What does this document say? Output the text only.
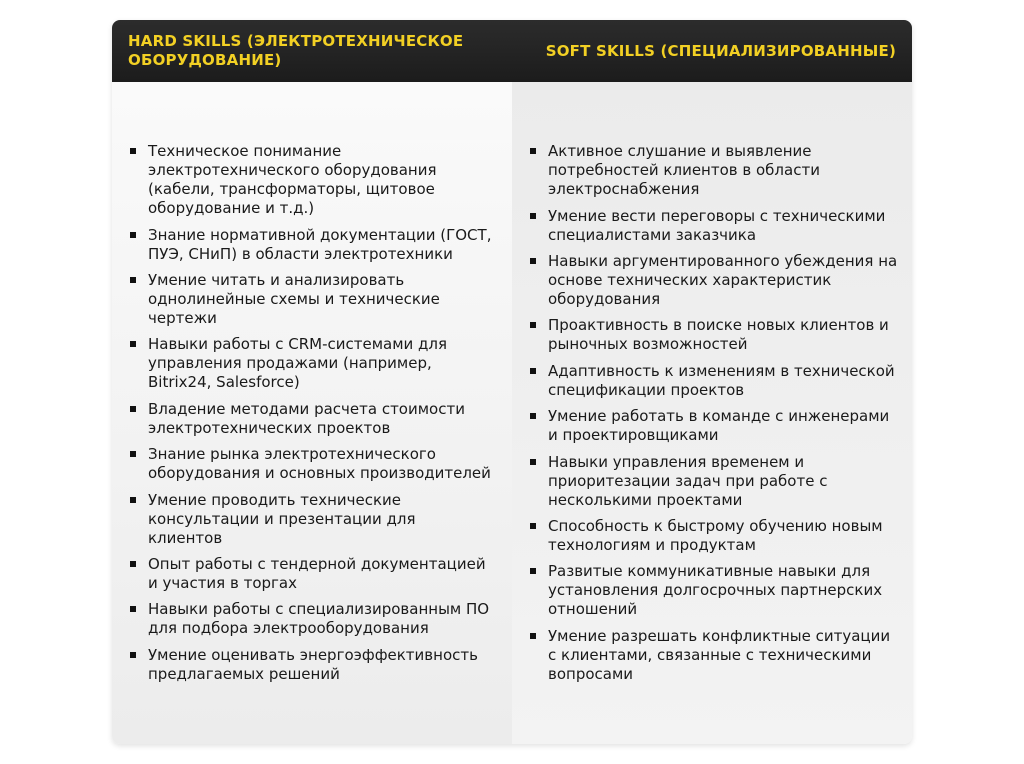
HARD SKILLS (ЭЛЕКТРОТЕХНИЧЕСКОЕ ОБОРУДОВАНИЕ)
SOFT SKILLS (СПЕЦИАЛИЗИРОВАННЫЕ)
Техническое понимание электротехнического оборудования (кабели, трансформаторы, щитовое оборудование и т.д.)
Знание нормативной документации (ГОСТ, ПУЭ, СНиП) в области электротехники
Умение читать и анализировать однолинейные схемы и технические чертежи
Навыки работы с CRM-системами для управления продажами (например, Bitrix24, Salesforce)
Владение методами расчета стоимости электротехнических проектов
Знание рынка электротехнического оборудования и основных производителей
Умение проводить технические консультации и презентации для клиентов
Опыт работы с тендерной документацией и участия в торгах
Навыки работы с специализированным ПО для подбора электрооборудования
Умение оценивать энергоэффективность предлагаемых решений
Активное слушание и выявление потребностей клиентов в области электроснабжения
Умение вести переговоры с техническими специалистами заказчика
Навыки аргументированного убеждения на основе технических характеристик оборудования
Проактивность в поиске новых клиентов и рыночных возможностей
Адаптивность к изменениям в технической спецификации проектов
Умение работать в команде с инженерами и проектировщиками
Навыки управления временем и приоритезации задач при работе с несколькими проектами
Способность к быстрому обучению новым технологиям и продуктам
Развитые коммуникативные навыки для установления долгосрочных партнерских отношений
Умение разрешать конфликтные ситуации с клиентами, связанные с техническими вопросами
